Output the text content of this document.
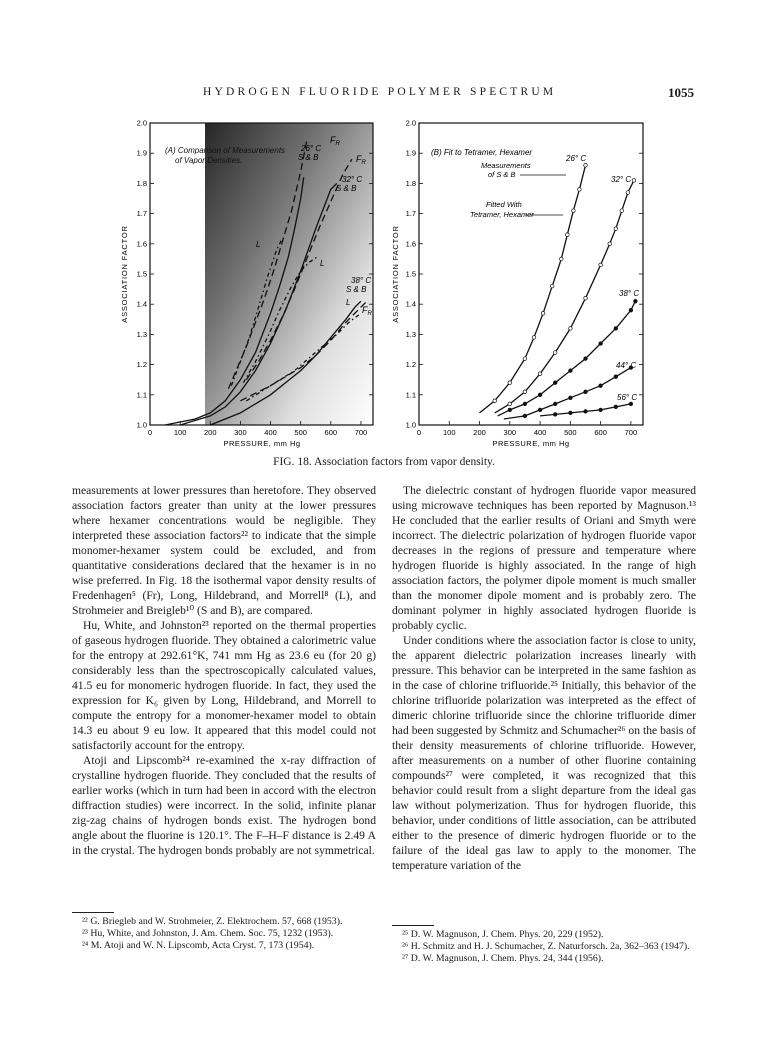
HYDROGEN FLUORIDE POLYMER SPECTRUM	1055
0	100 200 300 400 500 600 700
1.0
1.1
1.2
1.3
1.4
1.5
1.6
1.7
1.8
1.9
2.0
(A) Comparison of Measurements
of Vapor Densities.
26° C
S & B
$F_R$
$F_R$
32° C
S & B
L
L
38° C
S & B
L
$F_R$
ASSOCIATION FACTOR
PRESSURE, mm Hg
0	100 200 300 400 500 600 700
1.0
1.1
1.2
1.3
1.4
1.5
1.6
1.7
1.8
1.9
2.0
(B) Fit to Tetramer, Hexamer
Measurements
of S & B
Fitted With
Tetramer, Hexamer
26° C
32° C
38° C
44° C
56° C
ASSOCIATION FACTOR
PRESSURE, mm Hg
FIG. 18. Association factors from vapor density.

measurements at lower pressures than heretofore. They observed association factors greater than unity at the lower pressures where hexamer concentrations would be negligible. They interpreted these association factors²² to indicate that the simple monomer-hexamer system could be excluded, and from quantitative considerations declared that the hexamer is in no wise preferred. In Fig. 18 the isothermal vapor density results of Fredenhagen⁵ (Fr), Long, Hildebrand, and Morrell⁸ (L), and Strohmeier and Breigleb¹⁰ (S and B), are compared.

Hu, White, and Johnston²³ reported on the thermal properties of gaseous hydrogen fluoride. They obtained a calorimetric value for the entropy at 292.61°K, 741 mm Hg as 23.6 eu (for 20 g) considerably less than the spectroscopically calculated values, 41.5 eu for monomeric hydrogen fluoride. In fact, they used the expression for K₆ given by Long, Hildebrand, and Morrell to compute the entropy for a monomer-hexamer model to obtain 14.3 eu about 9 eu low. It appeared that this model could not satisfactorily account for the entropy.

Atoji and Lipscomb²⁴ re-examined the x-ray diffraction of crystalline hydrogen fluoride. They concluded that the results of earlier works (which in turn had been in accord with the electron diffraction studies) were incorrect. In the solid, infinite planar zig-zag chains of hydrogen bonds exist. The hydrogen bond angle about the fluorine is 120.1°. The F–H–F distance is 2.49 A in the crystal. The hydrogen bonds probably are not symmetrical.

The dielectric constant of hydrogen fluoride vapor measured using microwave techniques has been reported by Magnuson.¹³ He concluded that the earlier results of Oriani and Smyth were incorrect. The dielectric polarization of hydrogen fluoride vapor decreases in the regions of pressure and temperature where hydrogen fluoride is highly associated. In the range of high association factors, the polymer dipole moment is much smaller than the monomer dipole moment and is probably zero. The dominant polymer in highly associated hydrogen fluoride is probably cyclic.

Under conditions where the association factor is close to unity, the apparent dielectric polarization increases linearly with pressure. This behavior can be interpreted in the same fashion as in the case of chlorine trifluoride.²⁵ Initially, this behavior of the chlorine trifluoride polarization was interpreted as the effect of dimeric chlorine trifluoride since the chlorine trifluoride dimer had been suggested by Schmitz and Schumacher²⁶ on the basis of their density measurements of chlorine trifluoride. However, after measurements on a number of other fluorine containing compounds²⁷ were completed, it was recognized that this behavior could result from a slight departure from the ideal gas law without polymerization. Thus for hydrogen fluoride, this behavior, under conditions of little association, can be attributed either to the presence of dimeric hydrogen fluoride or to the failure of the ideal gas law to apply to the monomer. The temperature variation of the

²² G. Briegleb and W. Strohmeier, Z. Elektrochem. 57, 668 (1953).

²³ Hu, White, and Johnston, J. Am. Chem. Soc. 75, 1232 (1953).

²⁴ M. Atoji and W. N. Lipscomb, Acta Cryst. 7, 173 (1954).

²⁵ D. W. Magnuson, J. Chem. Phys. 20, 229 (1952).

²⁶ H. Schmitz and H. J. Schumacher, Z. Naturforsch. 2a, 362–363 (1947).

²⁷ D. W. Magnuson, J. Chem. Phys. 24, 344 (1956).
